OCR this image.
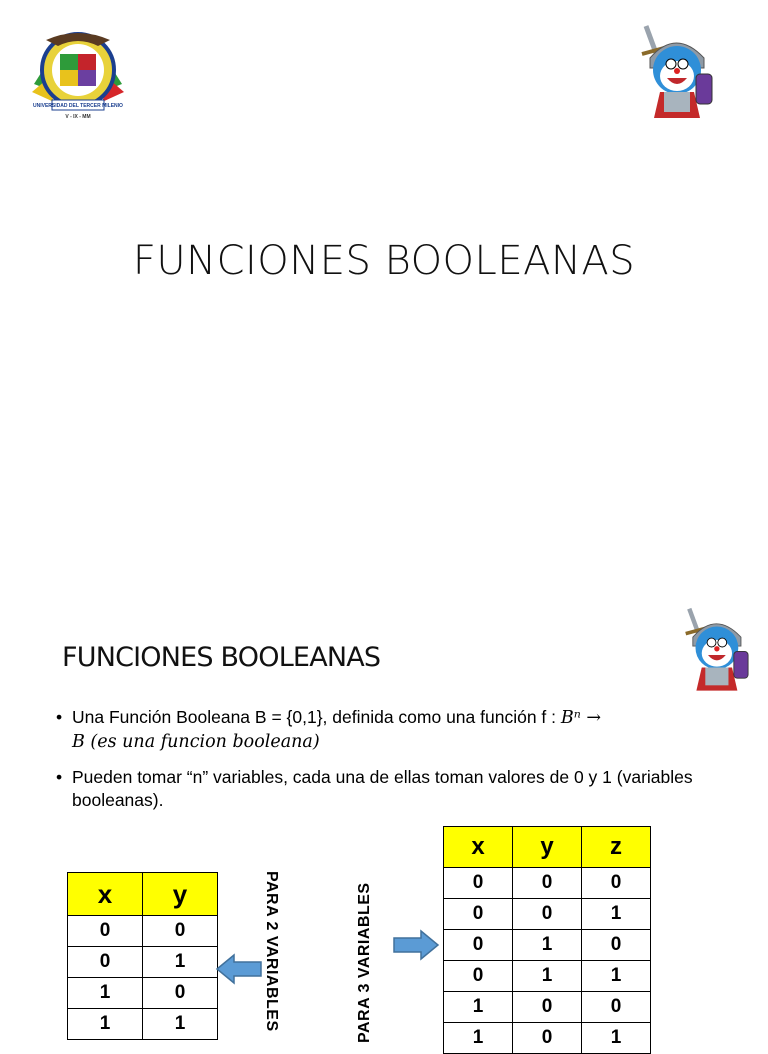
UNIVERSIDAD DEL TERCER MILENIO
V - IX - MM
FUNCIONES BOOLEANAS
FUNCIONES BOOLEANAS
• Una Función Booleana B = {0,1}, definida como una función f : Bⁿ →
B (es una funcion booleana)
• Pueden tomar “n” variables, cada una de ellas toman valores de 0 y 1 (variables booleanas).
x	y
0	0
0	1
1	0
1	1	PARA 2 VARIABLES	PARA 3 VARIABLES
x	y	z
0	0	0
0	0	1
0	1	0
0	1	1
1	0	0
1	0	1
